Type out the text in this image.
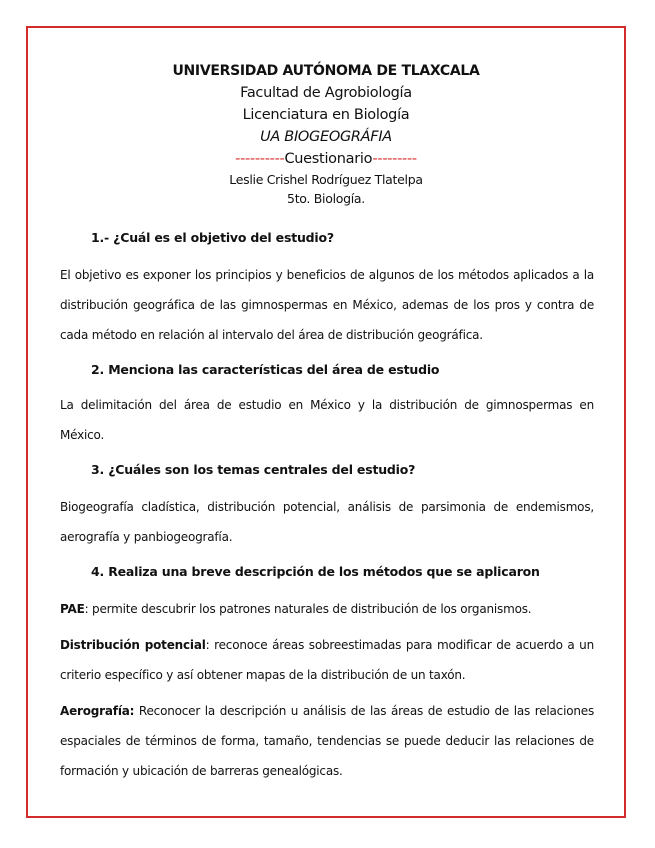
UNIVERSIDAD AUTÓNOMA DE TLAXCALA
Facultad de Agrobiología
Licenciatura en Biología
UA BIOGEOGRÁFIA
----------Cuestionario---------
Leslie Crishel Rodríguez Tlatelpa
5to. Biología.
1.- ¿Cuál es el objetivo del estudio?

El objetivo es exponer los principios y beneficios de algunos de los métodos aplicados a la distribución geográfica de las gimnospermas en México, ademas de los pros y contra de cada método en relación al intervalo del área de distribución geográfica.

2. Menciona las características del área de estudio

La delimitación del área de estudio en México y la distribución de gimnospermas en México.

3. ¿Cuáles son los temas centrales del estudio?

Biogeografía cladística, distribución potencial, análisis de parsimonia de endemismos, aerografía y panbiogeografía.

4. Realiza una breve descripción de los métodos que se aplicaron

PAE: permite descubrir los patrones naturales de distribución de los organismos.

Distribución potencial: reconoce áreas sobreestimadas para modificar de acuerdo a un criterio específico y así obtener mapas de la distribución de un taxón.

Aerografía: Reconocer la descripción u análisis de las áreas de estudio de las relaciones espaciales de términos de forma, tamaño, tendencias se puede deducir las relaciones de formación y ubicación de barreras genealógicas.
